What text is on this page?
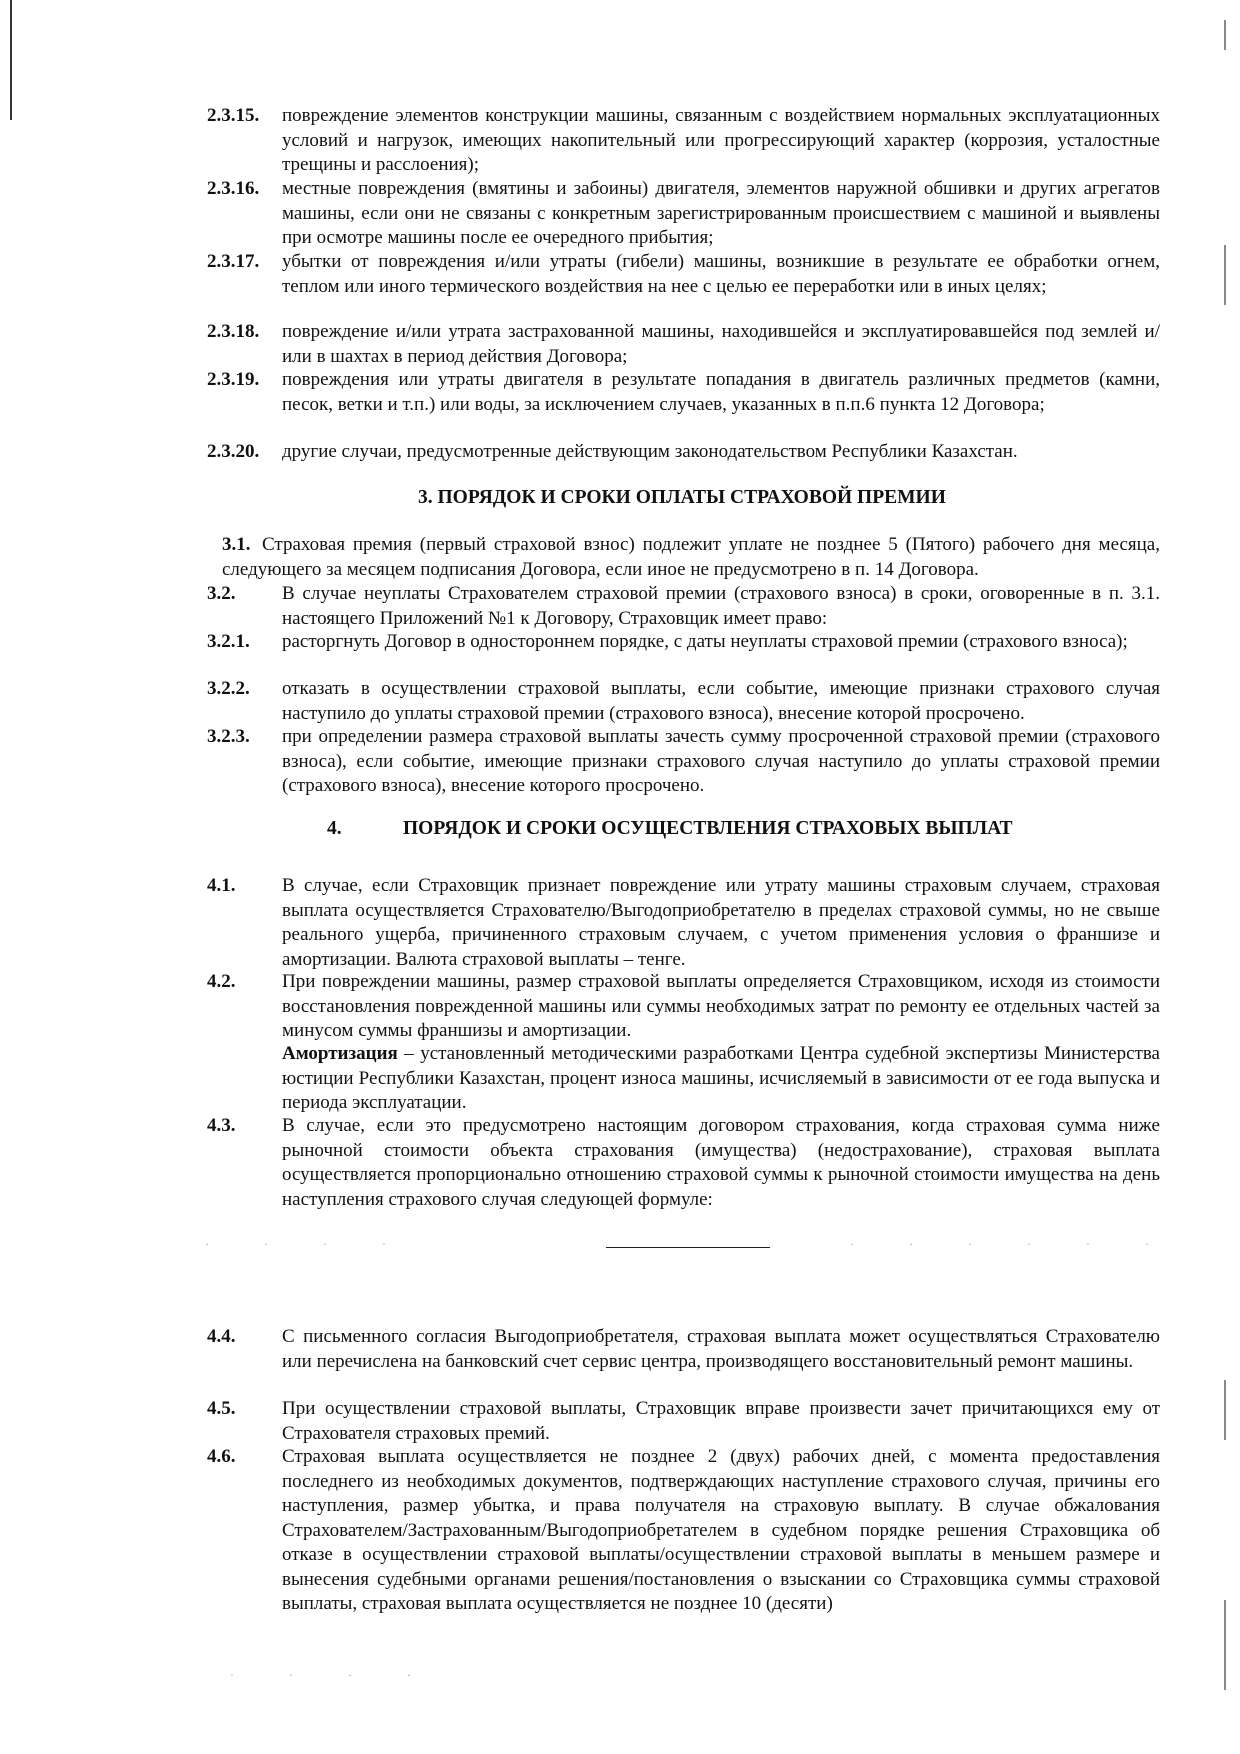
2.3.15. повреждение элементов конструкции машины, связанным с воздействием нормальных эксплуатационных условий и нагрузок, имеющих накопительный или прогрессирующий характер (коррозия, усталостные трещины и расслоения);
2.3.16. местные повреждения (вмятины и забоины) двигателя, элементов наружной обшивки и других агрегатов машины, если они не связаны с конкретным зарегистрированным происшествием с машиной и выявлены при осмотре машины после ее очередного прибытия;
2.3.17. убытки от повреждения и/или утраты (гибели) машины, возникшие в результате ее обработки огнем, теплом или иного термического воздействия на нее с целью ее переработки или в иных целях;
2.3.18. повреждение и/или утрата застрахованной машины, находившейся и эксплуатировавшейся под землей и/или в шахтах в период действия Договора;
2.3.19. повреждения или утраты двигателя в результате попадания в двигатель различных предметов (камни, песок, ветки и т.п.) или воды, за исключением случаев, указанных в п.п.6 пункта 12 Договора;
2.3.20. другие случаи, предусмотренные действующим законодательством Республики Казахстан.
3. ПОРЯДОК И СРОКИ ОПЛАТЫ СТРАХОВОЙ ПРЕМИИ
3.1. Страховая премия (первый страховой взнос) подлежит уплате не позднее 5 (Пятого) рабочего дня месяца, следующего за месяцем подписания Договора, если иное не предусмотрено в п. 14 Договора.
3.2. В случае неуплаты Страхователем страховой премии (страхового взноса) в сроки, оговоренные в п. 3.1. настоящего Приложений №1 к Договору, Страховщик имеет право:
3.2.1. расторгнуть Договор в одностороннем порядке, с даты неуплаты страховой премии (страхового взноса);
3.2.2. отказать в осуществлении страховой выплаты, если событие, имеющие признаки страхового случая наступило до уплаты страховой премии (страхового взноса), внесение которой просрочено.
3.2.3. при определении размера страховой выплаты зачесть сумму просроченной страховой премии (страхового взноса), если событие, имеющие признаки страхового случая наступило до уплаты страховой премии (страхового взноса), внесение которого просрочено.
4.	ПОРЯДОК И СРОКИ ОСУЩЕСТВЛЕНИЯ СТРАХОВЫХ ВЫПЛАТ
4.1. В случае, если Страховщик признает повреждение или утрату машины страховым случаем, страховая выплата осуществляется Страхователю/Выгодоприобретателю в пределах страховой суммы, но не свыше реального ущерба, причиненного страховым случаем, с учетом применения условия о франшизе и амортизации. Валюта страховой выплаты – тенге.
4.2. При повреждении машины, размер страховой выплаты определяется Страховщиком, исходя из стоимости восстановления поврежденной машины или суммы необходимых затрат по ремонту ее отдельных частей за минусом суммы франшизы и амортизации.
Амортизация – установленный методическими разработками Центра судебной экспертизы Министерства юстиции Республики Казахстан, процент износа машины, исчисляемый в зависимости от ее года выпуска и периода эксплуатации.
4.3. В случае, если это предусмотрено настоящим договором страхования, когда страховая сумма ниже рыночной стоимости объекта страхования (имущества) (недострахование), страховая выплата осуществляется пропорционально отношению страховой суммы к рыночной стоимости имущества на день наступления страхового случая следующей формуле:
· · · ·	· · · · · ·
4.4. С письменного согласия Выгодоприобретателя, страховая выплата может осуществляться Страхователю или перечислена на банковский счет сервис центра, производящего восстановительный ремонт машины.
4.5. При осуществлении страховой выплаты, Страховщик вправе произвести зачет причитающихся ему от Страхователя страховых премий.
4.6. Страховая выплата осуществляется не позднее 2 (двух) рабочих дней, с момента предоставления последнего из необходимых документов, подтверждающих наступление страхового случая, причины его наступления, размер убытка, и права получателя на страховую выплату. В случае обжалования Страхователем/Застрахованным/Выгодоприобретателем в судебном порядке решения Страховщика об отказе в осуществлении страховой выплаты/осуществлении страховой выплаты в меньшем размере и вынесения судебными органами решения/постановления о взыскании со Страховщика суммы страховой выплаты, страховая выплата осуществляется не позднее 10 (десяти)
· · · ·
